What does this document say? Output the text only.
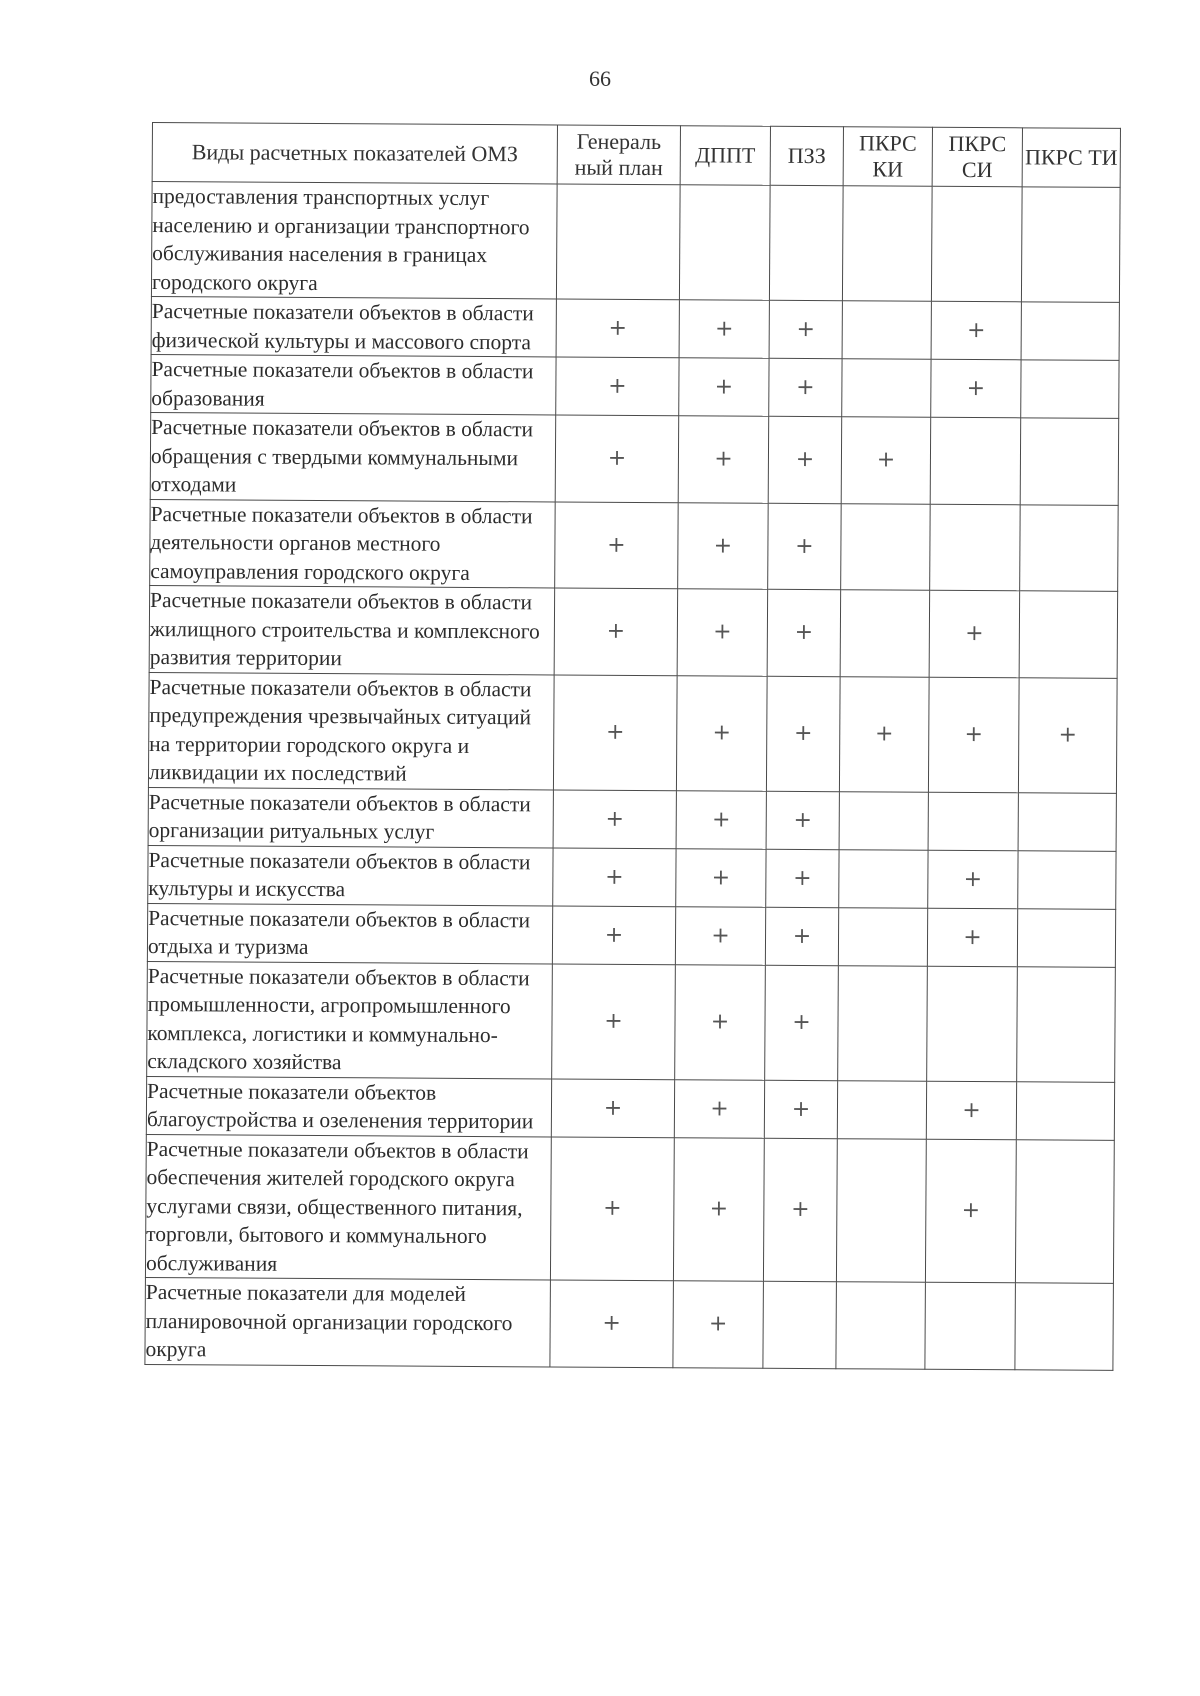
66
Виды расчетных показателей ОМЗ	Генераль ный план	ДППТ	ПЗЗ	ПКРС КИ	ПКРС СИ	ПКРС ТИ
предоставления транспортных услуг населению и организации транспортного обслуживания населения в границах городского округа						
Расчетные показатели объектов в области физической культуры и массового спорта	+	+	+		+	
Расчетные показатели объектов в области образования	+	+	+		+	
Расчетные показатели объектов в области обращения с твердыми коммунальными отходами	+	+	+	+		
Расчетные показатели объектов в области деятельности органов местного самоуправления городского округа	+	+	+			
Расчетные показатели объектов в области жилищного строительства и комплексного развития территории	+	+	+		+	
Расчетные показатели объектов в области предупреждения чрезвычайных ситуаций на территории городского округа и ликвидации их последствий	+	+	+	+	+	+
Расчетные показатели объектов в области организации ритуальных услуг	+	+	+			
Расчетные показатели объектов в области культуры и искусства	+	+	+		+	
Расчетные показатели объектов в области отдыха и туризма	+	+	+		+	
Расчетные показатели объектов в области промышленности, агропромышленного комплекса, логистики и коммунально-складского хозяйства	+	+	+			
Расчетные показатели объектов благоустройства и озеленения территории	+	+	+		+	
Расчетные показатели объектов в области обеспечения жителей городского округа услугами связи, общественного питания, торговли, бытового и коммунального обслуживания	+	+	+		+	
Расчетные показатели для моделей планировочной организации городского округа	+	+				
